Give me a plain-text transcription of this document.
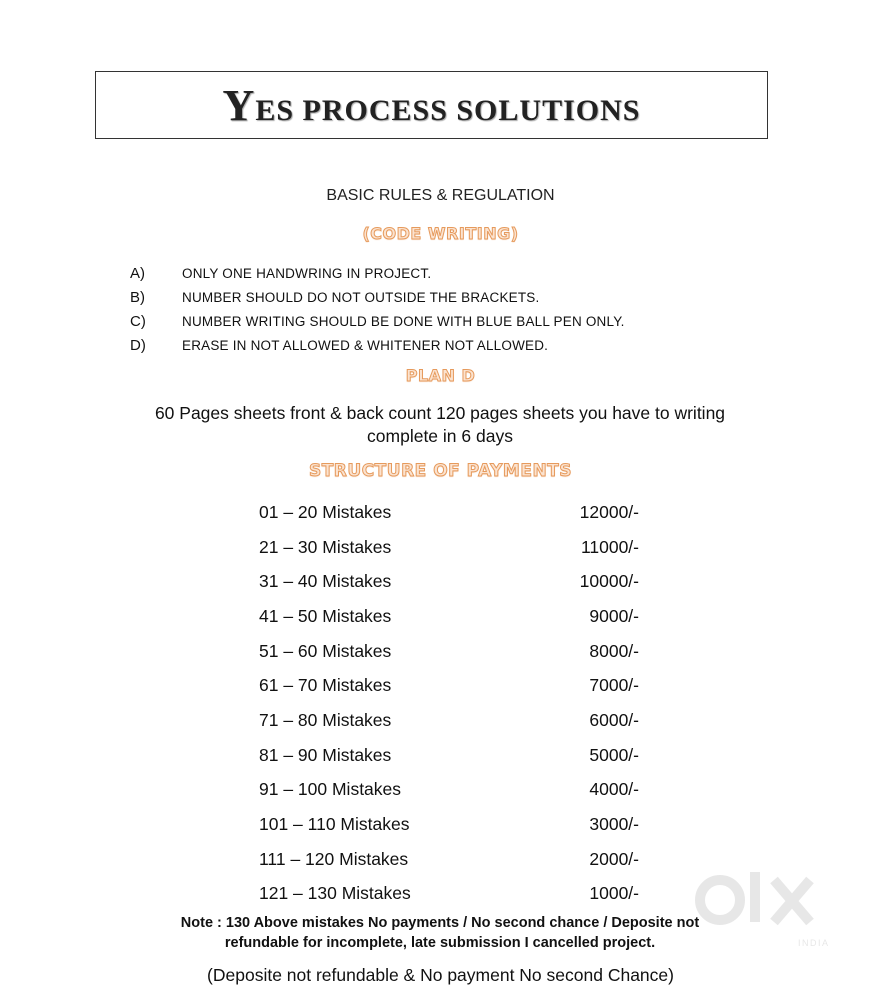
YES PROCESS SOLUTIONS
BASIC RULES & REGULATION
(CODE WRITING)
A)	ONLY ONE HANDWRING IN PROJECT.
B)	NUMBER SHOULD DO NOT OUTSIDE THE BRACKETS.
C)	NUMBER WRITING SHOULD BE DONE WITH BLUE BALL PEN ONLY.
D)	ERASE IN NOT ALLOWED & WHITENER NOT ALLOWED.
PLAN D
60 Pages sheets front & back count 120 pages sheets you have to writing
complete in 6 days
STRUCTURE OF PAYMENTS
01 – 20 Mistakes	12000/-
21 – 30 Mistakes	11000/-
31 – 40 Mistakes	10000/-
41 – 50 Mistakes	9000/-
51 – 60 Mistakes	8000/-
61 – 70 Mistakes	7000/-
71 – 80 Mistakes	6000/-
81 – 90 Mistakes	5000/-
91 – 100 Mistakes	4000/-
101 – 110 Mistakes	3000/-
111 – 120 Mistakes	2000/-
121 – 130 Mistakes	1000/-
Note : 130 Above mistakes No payments / No second chance / Deposite not
refundable for incomplete, late submission I cancelled project.
(Deposite not refundable & No payment No second Chance)
INDIA
